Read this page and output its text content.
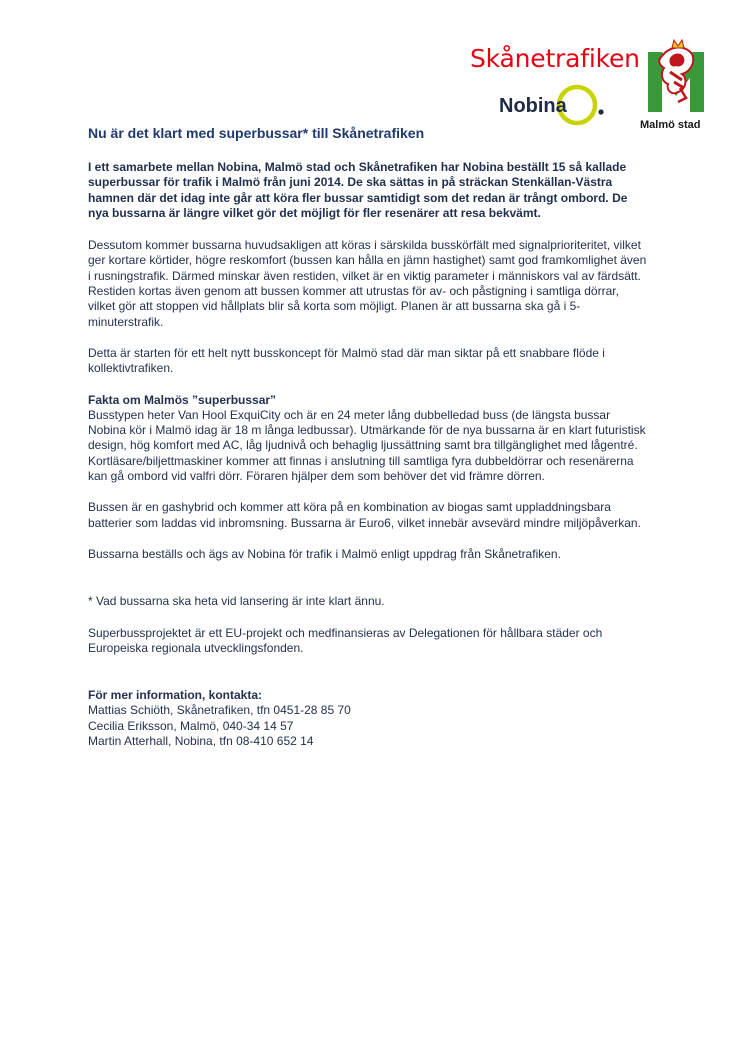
Skånetrafiken
Nobina
Malmö stad
Nu är det klart med superbussar* till Skånetrafiken

I ett samarbete mellan Nobina, Malmö stad och Skånetrafiken har Nobina beställt 15 så kallade superbussar för trafik i Malmö från juni 2014. De ska sättas in på sträckan Stenkällan-Västra hamnen där det idag inte går att köra fler bussar samtidigt som det redan är trångt ombord. De nya bussarna är längre vilket gör det möjligt för fler resenärer att resa bekvämt.

Dessutom kommer bussarna huvudsakligen att köras i särskilda busskörfält med signalprioriteritet, vilket ger kortare körtider, högre reskomfort (bussen kan hålla en jämn hastighet) samt god framkomlighet även i rusningstrafik. Därmed minskar även restiden, vilket är en viktig parameter i människors val av färdsätt. Restiden kortas även genom att bussen kommer att utrustas för av- och påstigning i samtliga dörrar, vilket gör att stoppen vid hållplats blir så korta som möjligt. Planen är att bussarna ska gå i 5-minuterstrafik.

Detta är starten för ett helt nytt busskoncept för Malmö stad där man siktar på ett snabbare flöde i kollektivtrafiken.

Fakta om Malmös ”superbussar”

Busstypen heter Van Hool ExquiCity och är en 24 meter lång dubbelledad buss (de längsta bussar Nobina kör i Malmö idag är 18 m långa ledbussar). Utmärkande för de nya bussarna är en klart futuristisk design, hög komfort med AC, låg ljudnivå och behaglig ljussättning samt bra tillgänglighet med lågentré. Kortläsare/biljettmaskiner kommer att finnas i anslutning till samtliga fyra dubbeldörrar och resenärerna kan gå ombord vid valfri dörr. Föraren hjälper dem som behöver det vid främre dörren.

Bussen är en gashybrid och kommer att köra på en kombination av biogas samt uppladdningsbara batterier som laddas vid inbromsning. Bussarna är Euro6, vilket innebär avsevärd mindre miljöpåverkan.

Bussarna beställs och ägs av Nobina för trafik i Malmö enligt uppdrag från Skånetrafiken.

* Vad bussarna ska heta vid lansering är inte klart ännu.

Superbussprojektet är ett EU-projekt och medfinansieras av Delegationen för hållbara städer och Europeiska regionala utvecklingsfonden.

För mer information, kontakta:

Mattias Schiöth, Skånetrafiken, tfn 0451-28 85 70
Cecilia Eriksson, Malmö, 040-34 14 57
Martin Atterhall, Nobina, tfn 08-410 652 14
